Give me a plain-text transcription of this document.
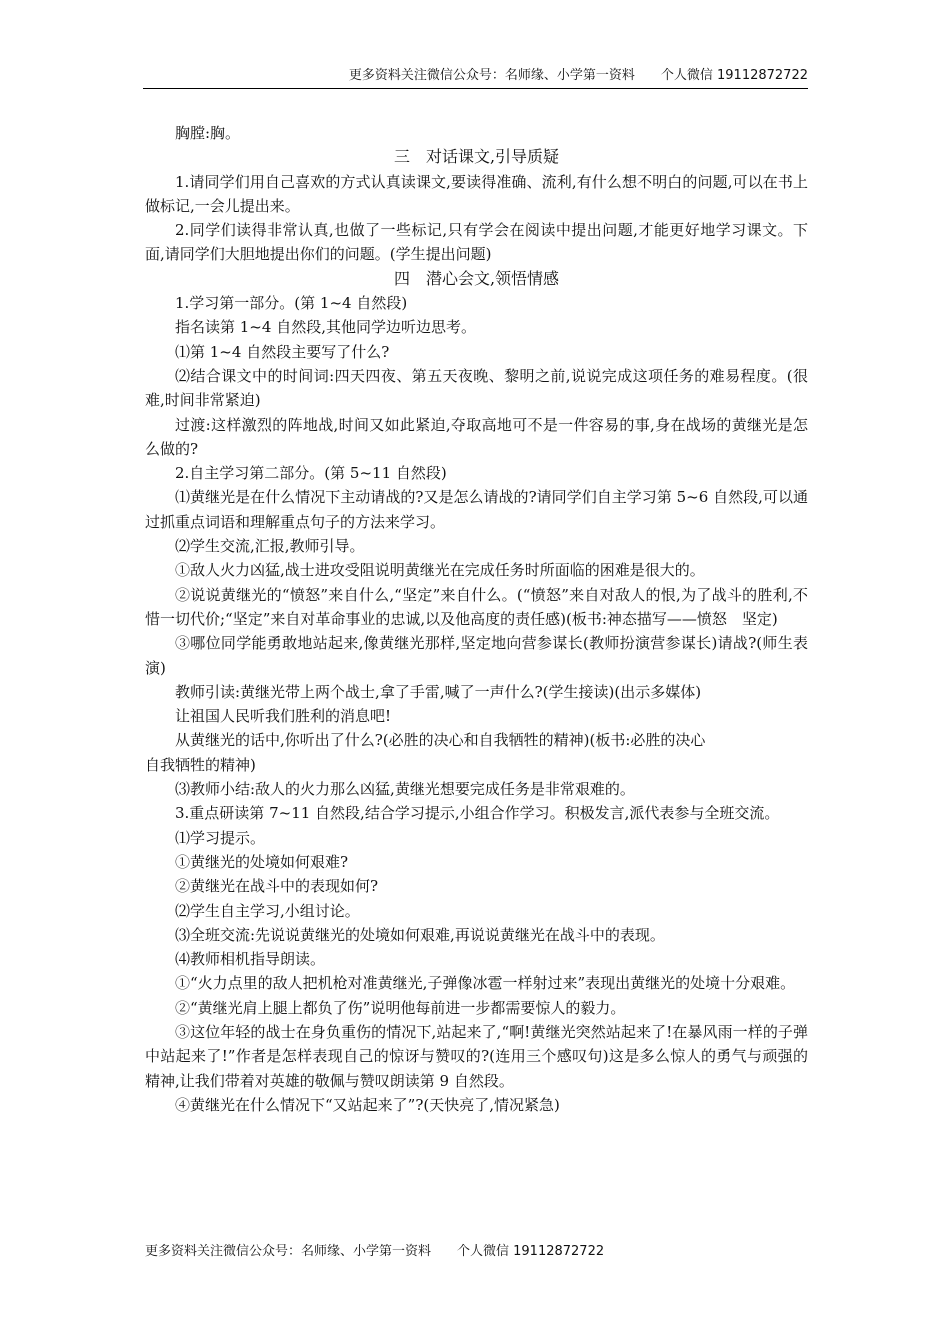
更多资料关注微信公众号：名师缘、小学第一资料　　个人微信 19112872722

胸膛:胸。

三　对话课文,引导质疑

1.请同学们用自己喜欢的方式认真读课文,要读得准确、流利,有什么想不明白的问题,可以在书上做标记,一会儿提出来。

2.同学们读得非常认真,也做了一些标记,只有学会在阅读中提出问题,才能更好地学习课文。下面,请同学们大胆地提出你们的问题。(学生提出问题)

四　潜心会文,领悟情感

1.学习第一部分。(第 1~4 自然段)

指名读第 1~4 自然段,其他同学边听边思考。

⑴第 1~4 自然段主要写了什么?

⑵结合课文中的时间词:四天四夜、第五天夜晚、黎明之前,说说完成这项任务的难易程度。(很难,时间非常紧迫)

过渡:这样激烈的阵地战,时间又如此紧迫,夺取高地可不是一件容易的事,身在战场的黄继光是怎么做的?

2.自主学习第二部分。(第 5~11 自然段)

⑴黄继光是在什么情况下主动请战的?又是怎么请战的?请同学们自主学习第 5~6 自然段,可以通过抓重点词语和理解重点句子的方法来学习。

⑵学生交流,汇报,教师引导。

①敌人火力凶猛,战士进攻受阻说明黄继光在完成任务时所面临的困难是很大的。

②说说黄继光的“愤怒”来自什么,“坚定”来自什么。(“愤怒”来自对敌人的恨,为了战斗的胜利,不惜一切代价;“坚定”来自对革命事业的忠诚,以及他高度的责任感)(板书:神态描写——愤怒　坚定)

③哪位同学能勇敢地站起来,像黄继光那样,坚定地向营参谋长(教师扮演营参谋长)请战?(师生表演)

教师引读:黄继光带上两个战士,拿了手雷,喊了一声什么?(学生接读)(出示多媒体)

让祖国人民听我们胜利的消息吧!

从黄继光的话中,你听出了什么?(必胜的决心和自我牺牲的精神)(板书:必胜的决心

自我牺牲的精神)

⑶教师小结:敌人的火力那么凶猛,黄继光想要完成任务是非常艰难的。

3.重点研读第 7~11 自然段,结合学习提示,小组合作学习。积极发言,派代表参与全班交流。

⑴学习提示。

①黄继光的处境如何艰难?

②黄继光在战斗中的表现如何?

⑵学生自主学习,小组讨论。

⑶全班交流:先说说黄继光的处境如何艰难,再说说黄继光在战斗中的表现。

⑷教师相机指导朗读。

①“火力点里的敌人把机枪对准黄继光,子弹像冰雹一样射过来”表现出黄继光的处境十分艰难。

②“黄继光肩上腿上都负了伤”说明他每前进一步都需要惊人的毅力。

③这位年轻的战士在身负重伤的情况下,站起来了,“啊!黄继光突然站起来了!在暴风雨一样的子弹中站起来了!”作者是怎样表现自己的惊讶与赞叹的?(连用三个感叹句)这是多么惊人的勇气与顽强的精神,让我们带着对英雄的敬佩与赞叹朗读第 9 自然段。

④黄继光在什么情况下“又站起来了”?(天快亮了,情况紧急)

更多资料关注微信公众号：名师缘、小学第一资料　　个人微信 19112872722
